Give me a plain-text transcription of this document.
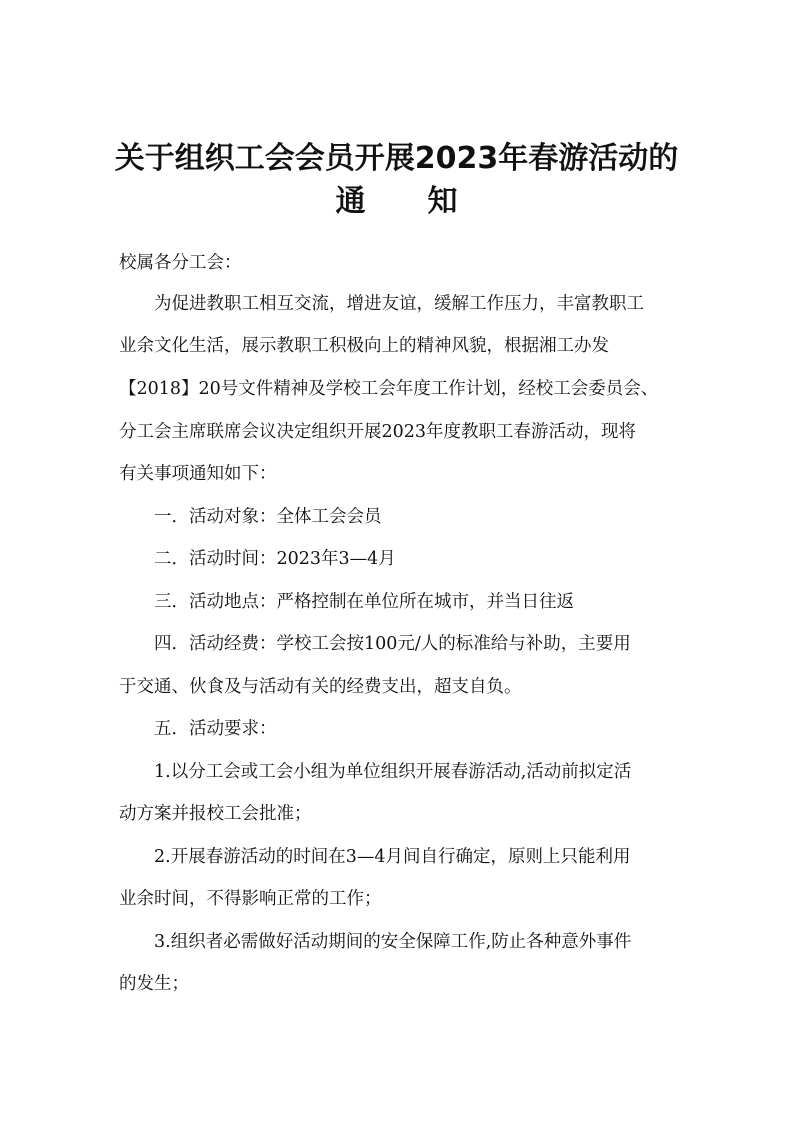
关于组织工会会员开展2023年春游活动的
通 知

校属各分工会：

为促进教职工相互交流，增进友谊，缓解工作压力，丰富教职工

业余文化生活，展示教职工积极向上的精神风貌，根据湘工办发

【2018】20号文件精神及学校工会年度工作计划，经校工会委员会、

分工会主席联席会议决定组织开展2023年度教职工春游活动，现将

有关事项通知如下：

一．活动对象：全体工会会员

二．活动时间：2023年3—4月

三．活动地点：严格控制在单位所在城市，并当日往返

四．活动经费：学校工会按100元/人的标准给与补助，主要用

于交通、伙食及与活动有关的经费支出，超支自负。

五．活动要求：

1.以分工会或工会小组为单位组织开展春游活动,活动前拟定活

动方案并报校工会批准；

2.开展春游活动的时间在3—4月间自行确定，原则上只能利用

业余时间，不得影响正常的工作；

3.组织者必需做好活动期间的安全保障工作,防止各种意外事件

的发生；
